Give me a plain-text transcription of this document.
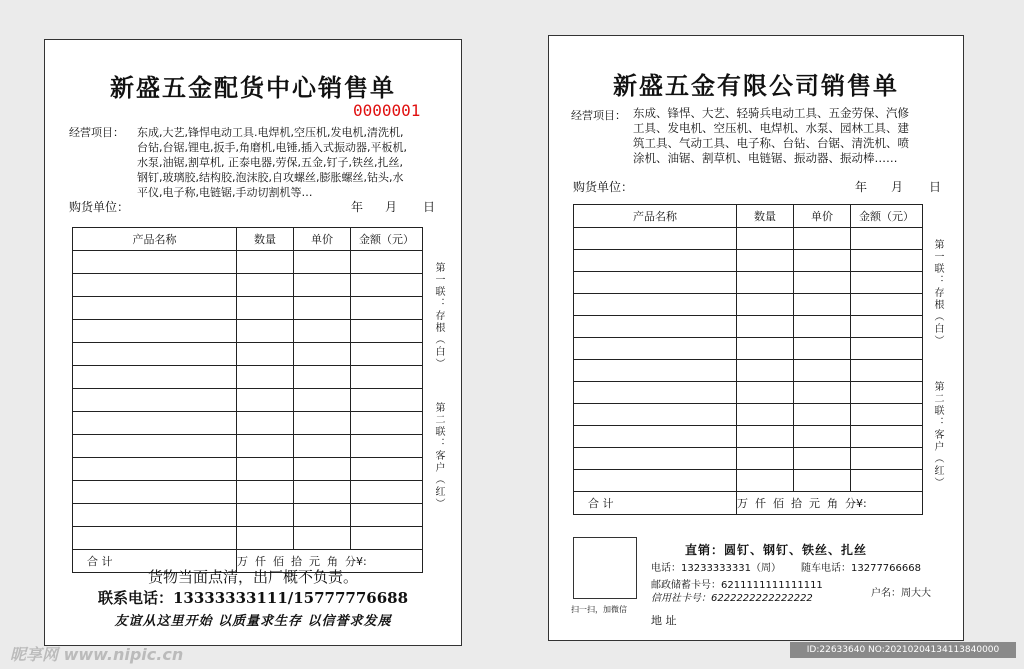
新盛五金配货中心销售单
0000001
经营项目： 东成,大艺,锋悍电动工具.电焊机,空压机,发电机,清洗机,
台钻,台锯,锂电,扳手,角磨机,电锤,插入式振动器,平板机,
水泵,油锯,割草机, 正泰电器,劳保,五金,钉子,铁丝,扎丝,
钢钉,玻璃胶,结构胶,泡沫胶,自攻螺丝,膨胀螺丝,钻头,水
平仪,电子称,电链锯,手动切割机等…
购货单位：	年 月 日
产品名称	数量	单价	金额（元）

合 计	万  仟  佰  拾  元  角  分¥:		
第一联：存根（白）
第二联：客户（红）
货物当面点清，出厂概不负责。
联系电话：13333333111/15777776688
友谊从这里开始 以质量求生存 以信誉求发展
新盛五金有限公司销售单
经营项目： 东成、锋悍、大艺、轻骑兵电动工具、五金劳保、汽修
工具、发电机、空压机、电焊机、水泵、园林工具、建
筑工具、气动工具、电子称、台钻、台锯、清洗机、喷
涂机、油锯、割草机、电链锯、振动器、振动棒……
购货单位：	年 月 日
产品名称	数量	单价	金额（元）

合 计	万  仟  佰  拾  元  角  分¥:		
第一联：存根（白）
第二联：客户（红）
扫一扫，加微信
直销：圆钉、钢钉、铁丝、扎丝
电话：13233333331（周） 随车电话：13277766668
邮政储蓄卡号：6211111111111111
信用社卡号：6222222222222222	户名：周大大
地 址
昵享网 www.nipic.cn	ID:22633640 NO:20210204134113840000
